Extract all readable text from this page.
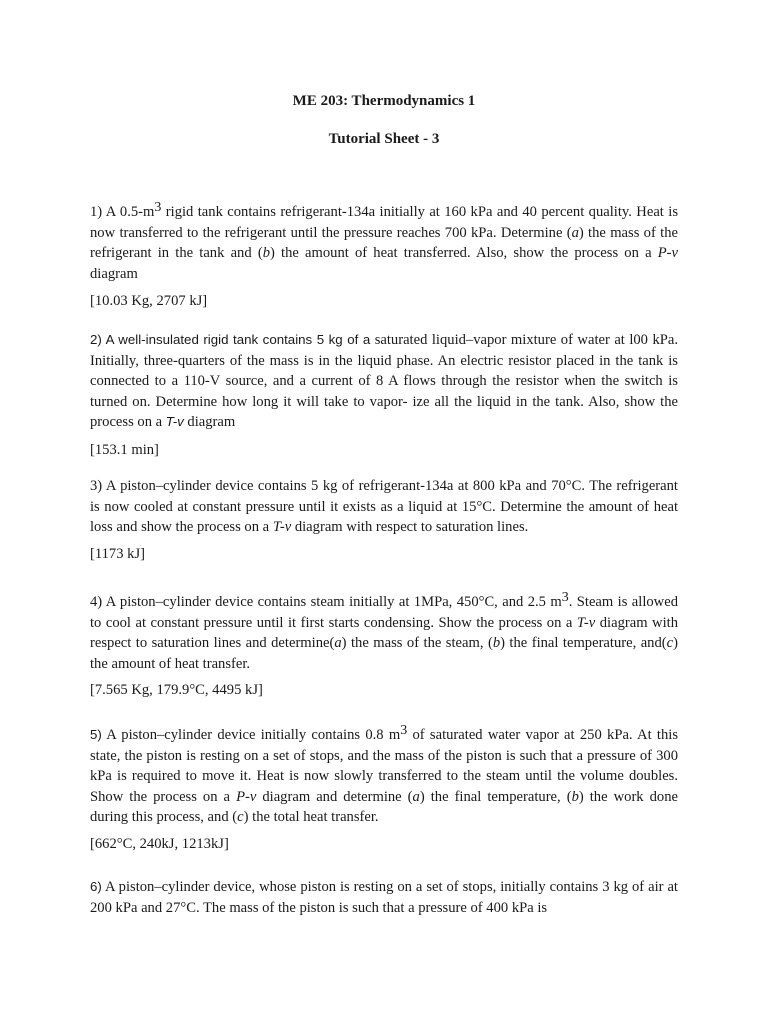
ME 203: Thermodynamics 1
Tutorial Sheet - 3
1) A $0.5-m^3$ rigid tank contains refrigerant-134a initially at 160 kPa and 40 percent quality. Heat is now transferred to the refrigerant until the pressure reaches 700 kPa. Determine (a) the mass of the refrigerant in the tank and (b) the amount of heat transferred. Also, show the process on a P-v diagram
[10.03 Kg, 2707 kJ]
2) A well-insulated rigid tank contains 5 kg of a saturated liquid–vapor mixture of water at l00 kPa. Initially, three-quarters of the mass is in the liquid phase. An electric resistor placed in the tank is connected to a 110-V source, and a current of 8 A flows through the resistor when the switch is turned on. Determine how long it will take to vapor- ize all the liquid in the tank. Also, show the process on a T-v diagram
[153.1 min]
3) A piston–cylinder device contains 5 kg of refrigerant-134a at 800 kPa and 70°C. The refrigerant is now cooled at constant pressure until it exists as a liquid at 15°C. Determine the amount of heat loss and show the process on a T-v diagram with respect to saturation lines.
[1173 kJ]
4) A piston–cylinder device contains steam initially at 1MPa, 450°C, and 2.5 $m^3$. Steam is allowed to cool at constant pressure until it first starts condensing. Show the process on a T-v diagram with respect to saturation lines and determine(a) the mass of the steam, (b) the final temperature, and(c) the amount of heat transfer.
[7.565 Kg, 179.9°C, 4495 kJ]
5) A piston–cylinder device initially contains 0.8 $m^3$ of saturated water vapor at 250 kPa. At this state, the piston is resting on a set of stops, and the mass of the piston is such that a pressure of 300 kPa is required to move it. Heat is now slowly transferred to the steam until the volume doubles. Show the process on a P-v diagram and determine (a) the final temperature, (b) the work done during this process, and (c) the total heat transfer.
[662°C, 240kJ, 1213kJ]
6) A piston–cylinder device, whose piston is resting on a set of stops, initially contains 3 kg of air at 200 kPa and 27°C. The mass of the piston is such that a pressure of 400 kPa is
